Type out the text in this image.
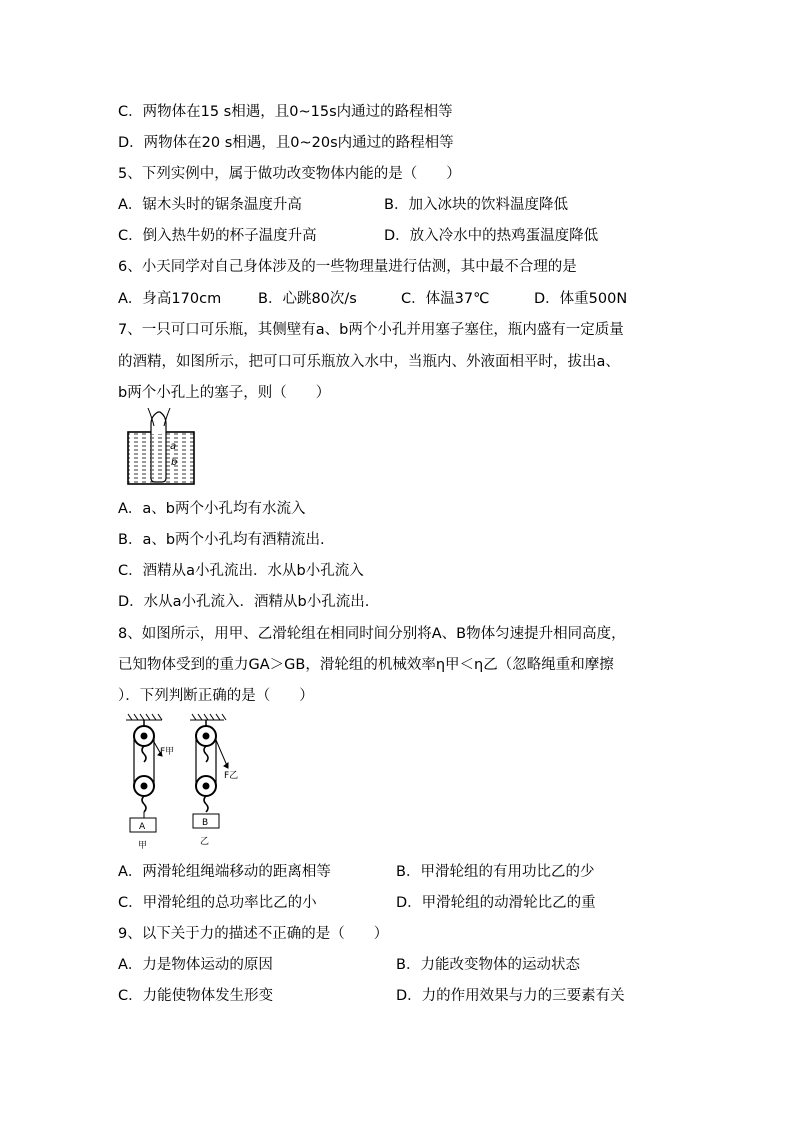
C．两物体在15 s相遇，且0~15s内通过的路程相等
D．两物体在20 s相遇，且0~20s内通过的路程相等
5、下列实例中，属于做功改变物体内能的是（　　）
A．锯木头时的锯条温度升高	B．加入冰块的饮料温度降低
C．倒入热牛奶的杯子温度升高	D．放入冷水中的热鸡蛋温度降低
6、小天同学对自己身体涉及的一些物理量进行估测，其中最不合理的是
A．身高170cm	B．心跳80次/s	C．体温37℃	D．体重500N
7、一只可口可乐瓶，其侧壁有a、b两个小孔并用塞子塞住，瓶内盛有一定质量
的酒精，如图所示，把可口可乐瓶放入水中，当瓶内、外液面相平时，拔出a、
b两个小孔上的塞子，则（　　）
a
b
A．a、b两个小孔均有水流入
B．a、b两个小孔均有酒精流出.
C．酒精从a小孔流出．水从b小孔流入
D．水从a小孔流入．酒精从b小孔流出.
8、如图所示，用甲、乙滑轮组在相同时间分别将A、B物体匀速提升相同高度，
已知物体受到的重力GA＞GB，滑轮组的机械效率η甲＜η乙（忽略绳重和摩擦
）．下列判断正确的是（　　）
F甲
A
甲
F乙
B
乙
A．两滑轮组绳端移动的距离相等	B．甲滑轮组的有用功比乙的少
C．甲滑轮组的总功率比乙的小	D．甲滑轮组的动滑轮比乙的重
9、以下关于力的描述不正确的是（　　）
A．力是物体运动的原因	B．力能改变物体的运动状态
C．力能使物体发生形变	D．力的作用效果与力的三要素有关
